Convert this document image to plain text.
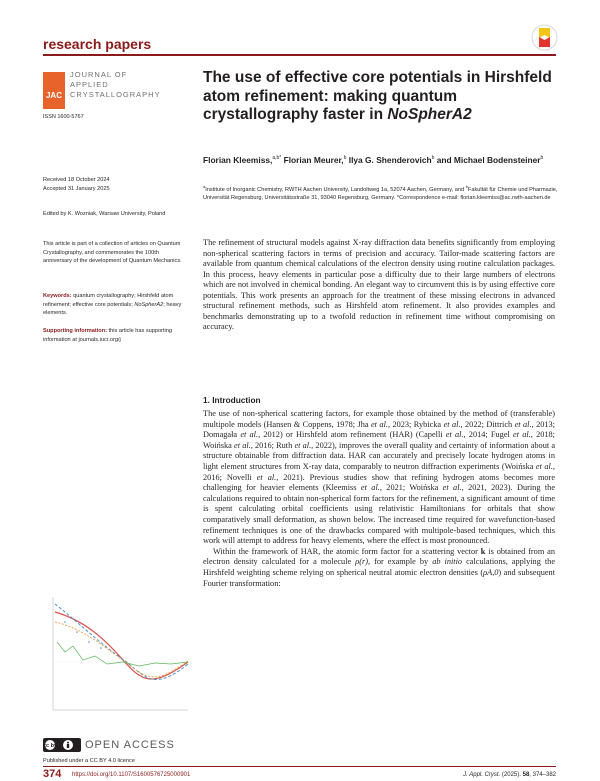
research papers
JAC
JOURNAL OF
APPLIED
CRYSTALLOGRAPHY
ISSN 1600-5767
Received 18 October 2024
Accepted 31 January 2025
Edited by K. Wozniak, Warsaw University, Poland
This article is part of a collection of articles on Quantum Crystallography, and commemorates the 100th anniversary of the development of Quantum Mechanics.
Keywords: quantum crystallography; Hirshfeld atom refinement; effective core potentials; NoSpherA2; heavy elements.
Supporting information: this article has supporting information at journals.iucr.org/j
The use of effective core potentials in Hirshfeld atom refinement: making quantum crystallography faster in NoSpherA2
Florian Kleemiss,$^{a,b*}$ Florian Meurer,$^b$ Ilya G. Shenderovich$^b$ and Michael Bodensteiner$^b$
$^a$Institute of Inorganic Chemistry, RWTH Aachen University, Landoltweg 1a, 52074 Aachen, Germany, and $^b$Fakultät für Chemie und Pharmazie, Universität Regensburg, Universitätsstraße 31, 93040 Regensburg, Germany. *Correspondence e-mail: florian.kleemiss@ac.rwth-aachen.de
The refinement of structural models against X-ray diffraction data benefits significantly from employing non-spherical scattering factors in terms of precision and accuracy. Tailor-made scattering factors are available from quantum chemical calculations of the electron density using routine calculation packages. In this process, heavy elements in particular pose a difficulty due to their large numbers of electrons which are not involved in chemical bonding. An elegant way to circumvent this is by using effective core potentials. This work presents an approach for the treatment of these missing electrons in advanced structural refinement methods, such as Hirshfeld atom refinement. It also provides examples and benchmarks demonstrating up to a twofold reduction in refinement time without compromising on accuracy.
1. Introduction

The use of non-spherical scattering factors, for example those obtained by the method of (transferable) multipole models (Hansen & Coppens, 1978; Jha et al., 2023; Rybicka et al., 2022; Dittrich et al., 2013; Domagała et al., 2012) or Hirshfeld atom refinement (HAR) (Capelli et al., 2014; Fugel et al., 2018; Woińska et al., 2016; Ruth et al., 2022), improves the overall quality and certainty of information about a structure obtainable from diffraction data. HAR can accurately and precisely locate hydrogen atoms in light element structures from X-ray data, comparably to neutron diffraction experiments (Woińska et al., 2016; Novelli et al., 2021). Previous studies show that refining hydrogen atoms becomes more challenging for heavier elements (Kleemiss et al., 2021; Woińska et al., 2021, 2023). During the calculations required to obtain non-spherical form factors for the refinement, a significant amount of time is spent calculating orbital coefficients using relativistic Hamiltonians for orbitals that show comparatively small deformation, as shown below. The increased time required for wavefunction-based refinement techniques is one of the drawbacks compared with multipole-based techniques, which this work will attempt to address for heavy elements, where the effect is most pronounced.

Within the framework of HAR, the atomic form factor for a scattering vector k is obtained from an electron density calculated for a molecule ρ(r), for example by ab initio calculations, applying the Hirshfeld weighting scheme relying on spherical neutral atomic electron densities (ρA,0) and subsequent Fourier transformation:

cc by	OPEN ACCESS
Published under a CC BY 4.0 licence
374 https://doi.org/10.1107/S1600576725000901	J. Appl. Cryst. (2025). 58, 374–382
